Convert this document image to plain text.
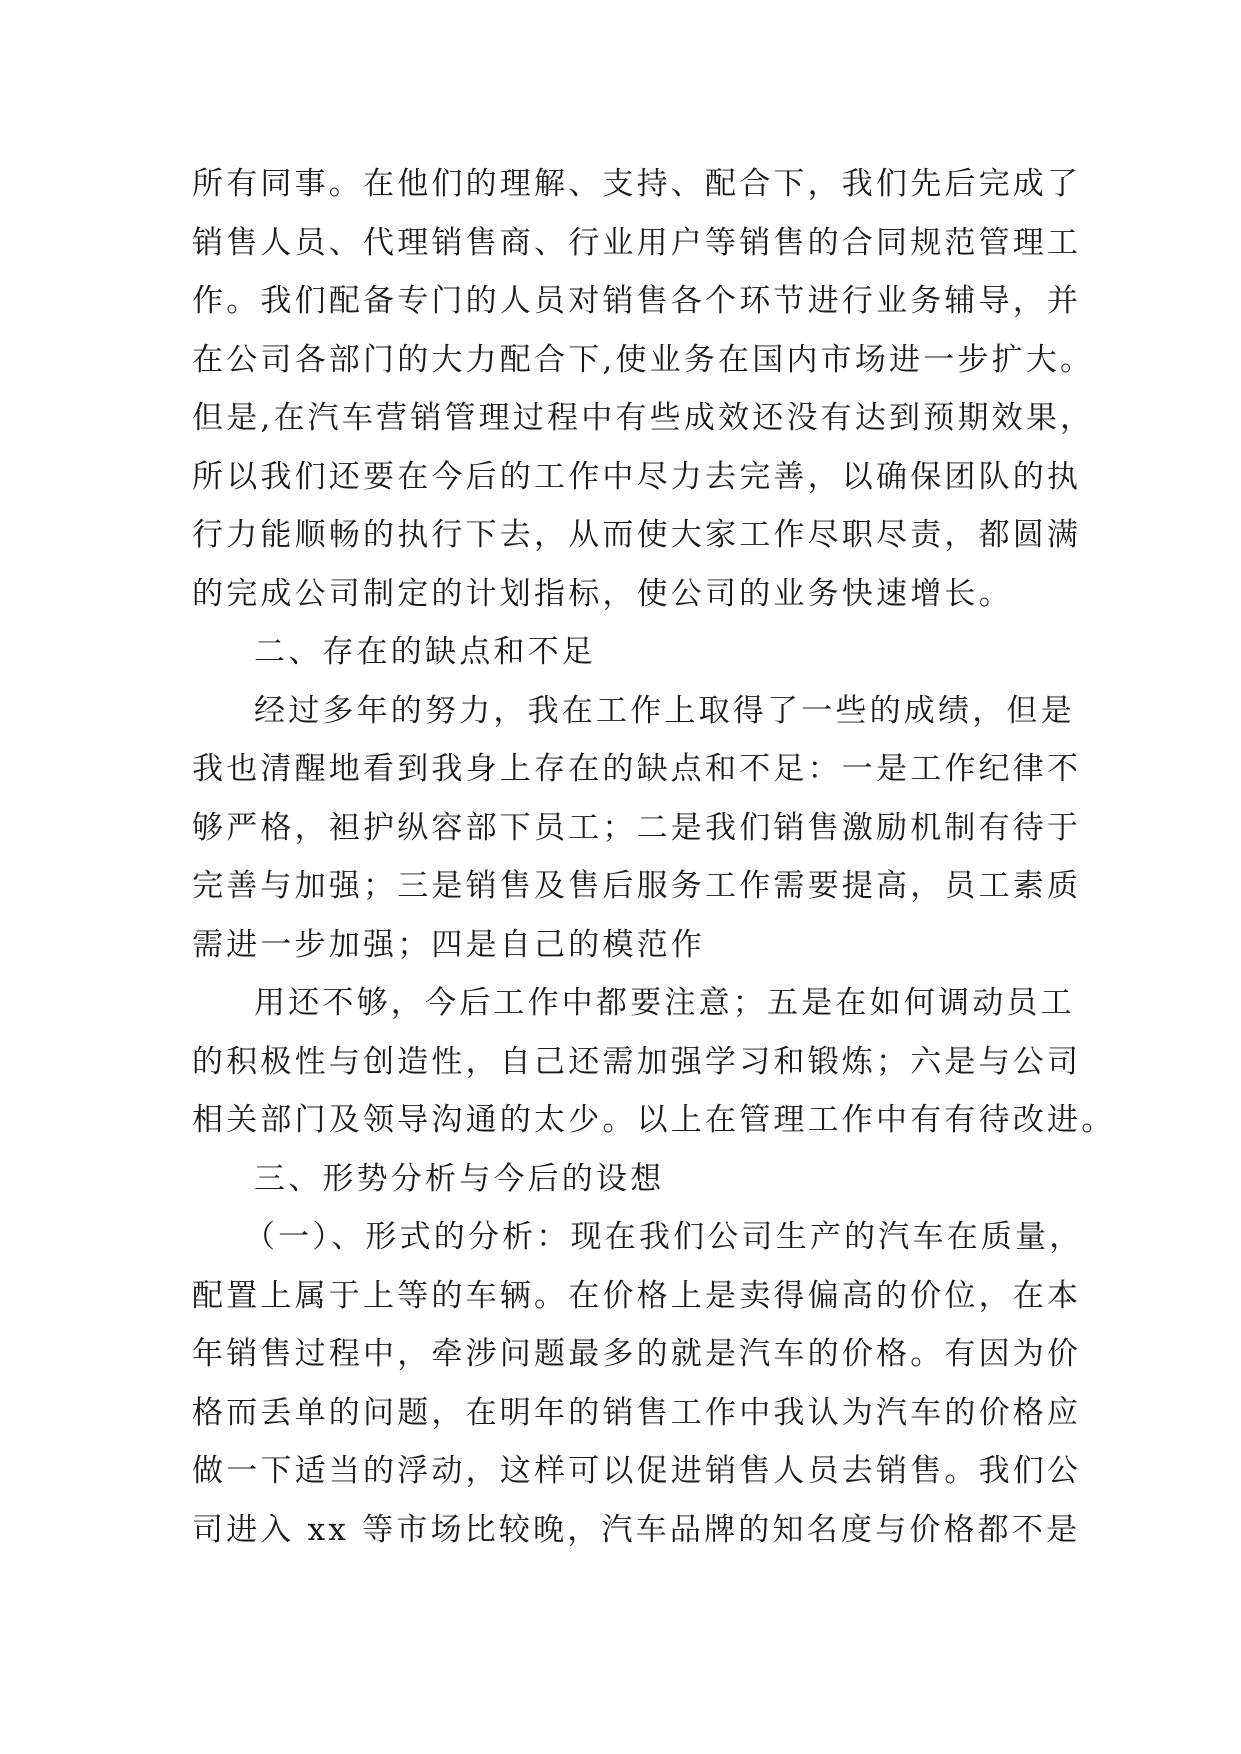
所有同事。在他们的理解、支持、配合下，我们先后完成了
销售人员、代理销售商、行业用户等销售的合同规范管理工
作。我们配备专门的人员对销售各个环节进行业务辅导，并
在公司各部门的大力配合下,使业务在国内市场进一步扩大。
但是,在汽车营销管理过程中有些成效还没有达到预期效果，
所以我们还要在今后的工作中尽力去完善，以确保团队的执
行力能顺畅的执行下去，从而使大家工作尽职尽责，都圆满
的完成公司制定的计划指标，使公司的业务快速增长。
二、存在的缺点和不足
经过多年的努力，我在工作上取得了一些的成绩，但是
我也清醒地看到我身上存在的缺点和不足：一是工作纪律不
够严格，袒护纵容部下员工；二是我们销售激励机制有待于
完善与加强；三是销售及售后服务工作需要提高，员工素质
需进一步加强；四是自己的模范作
用还不够，今后工作中都要注意；五是在如何调动员工
的积极性与创造性，自己还需加强学习和锻炼；六是与公司
相关部门及领导沟通的太少。以上在管理工作中有有待改进。
三、形势分析与今后的设想
（一）、形式的分析：现在我们公司生产的汽车在质量，
配置上属于上等的车辆。在价格上是卖得偏高的价位，在本
年销售过程中，牵涉问题最多的就是汽车的价格。有因为价
格而丢单的问题，在明年的销售工作中我认为汽车的价格应
做一下适当的浮动，这样可以促进销售人员去销售。我们公
司进入 xx 等市场比较晚，汽车品牌的知名度与价格都不是
